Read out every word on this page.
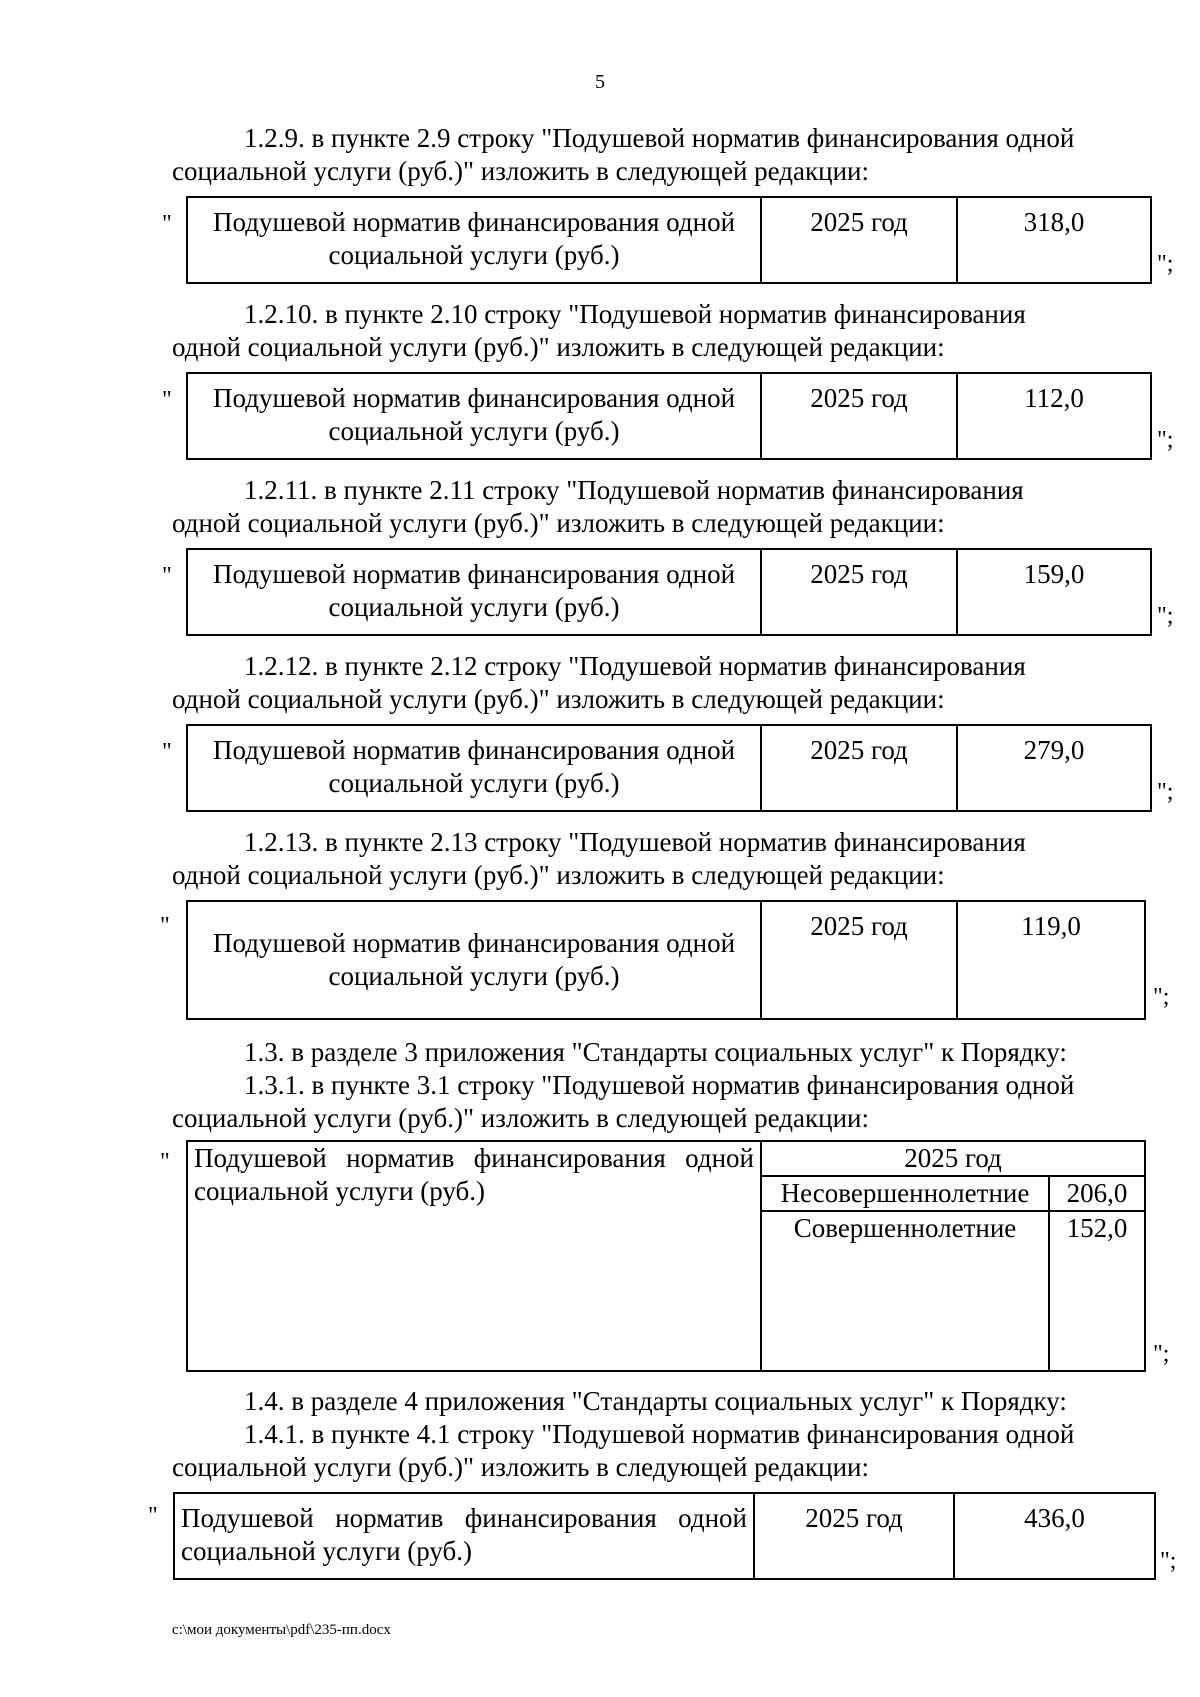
5
1.2.9. в пункте 2.9 строку "Подушевой норматив финансирования одной
социальной услуги (руб.)" изложить в следующей редакции:
" Подушевой норматив финансирования одной социальной услуги (руб.)	2025 год	318,0
";
1.2.10. в пункте 2.10 строку "Подушевой норматив финансирования
одной социальной услуги (руб.)" изложить в следующей редакции:
" Подушевой норматив финансирования одной социальной услуги (руб.)	2025 год	112,0
";
1.2.11. в пункте 2.11 строку "Подушевой норматив финансирования
одной социальной услуги (руб.)" изложить в следующей редакции:
" Подушевой норматив финансирования одной социальной услуги (руб.)	2025 год	159,0
";
1.2.12. в пункте 2.12 строку "Подушевой норматив финансирования
одной социальной услуги (руб.)" изложить в следующей редакции:
" Подушевой норматив финансирования одной социальной услуги (руб.)	2025 год	279,0
";
1.2.13. в пункте 2.13 строку "Подушевой норматив финансирования
одной социальной услуги (руб.)" изложить в следующей редакции:
"
Подушевой норматив финансирования одной социальной услуги (руб.)	2025 год	119,0
";
1.3. в разделе 3 приложения "Стандарты социальных услуг" к Порядку:
1.3.1. в пункте 3.1 строку "Подушевой норматив финансирования одной
социальной услуги (руб.)" изложить в следующей редакции:
" Подушевой норматив финансирования одной социальной услуги (руб.)	
2025 год
Несовершеннолетние	206,0
Совершеннолетние	152,0
";
1.4. в разделе 4 приложения "Стандарты социальных услуг" к Порядку:
1.4.1. в пункте 4.1 строку "Подушевой норматив финансирования одной
социальной услуги (руб.)" изложить в следующей редакции:
" Подушевой норматив финансирования одной социальной услуги (руб.)	2025 год	436,0
";
c:\мои документы\pdf\235-пп.docx
